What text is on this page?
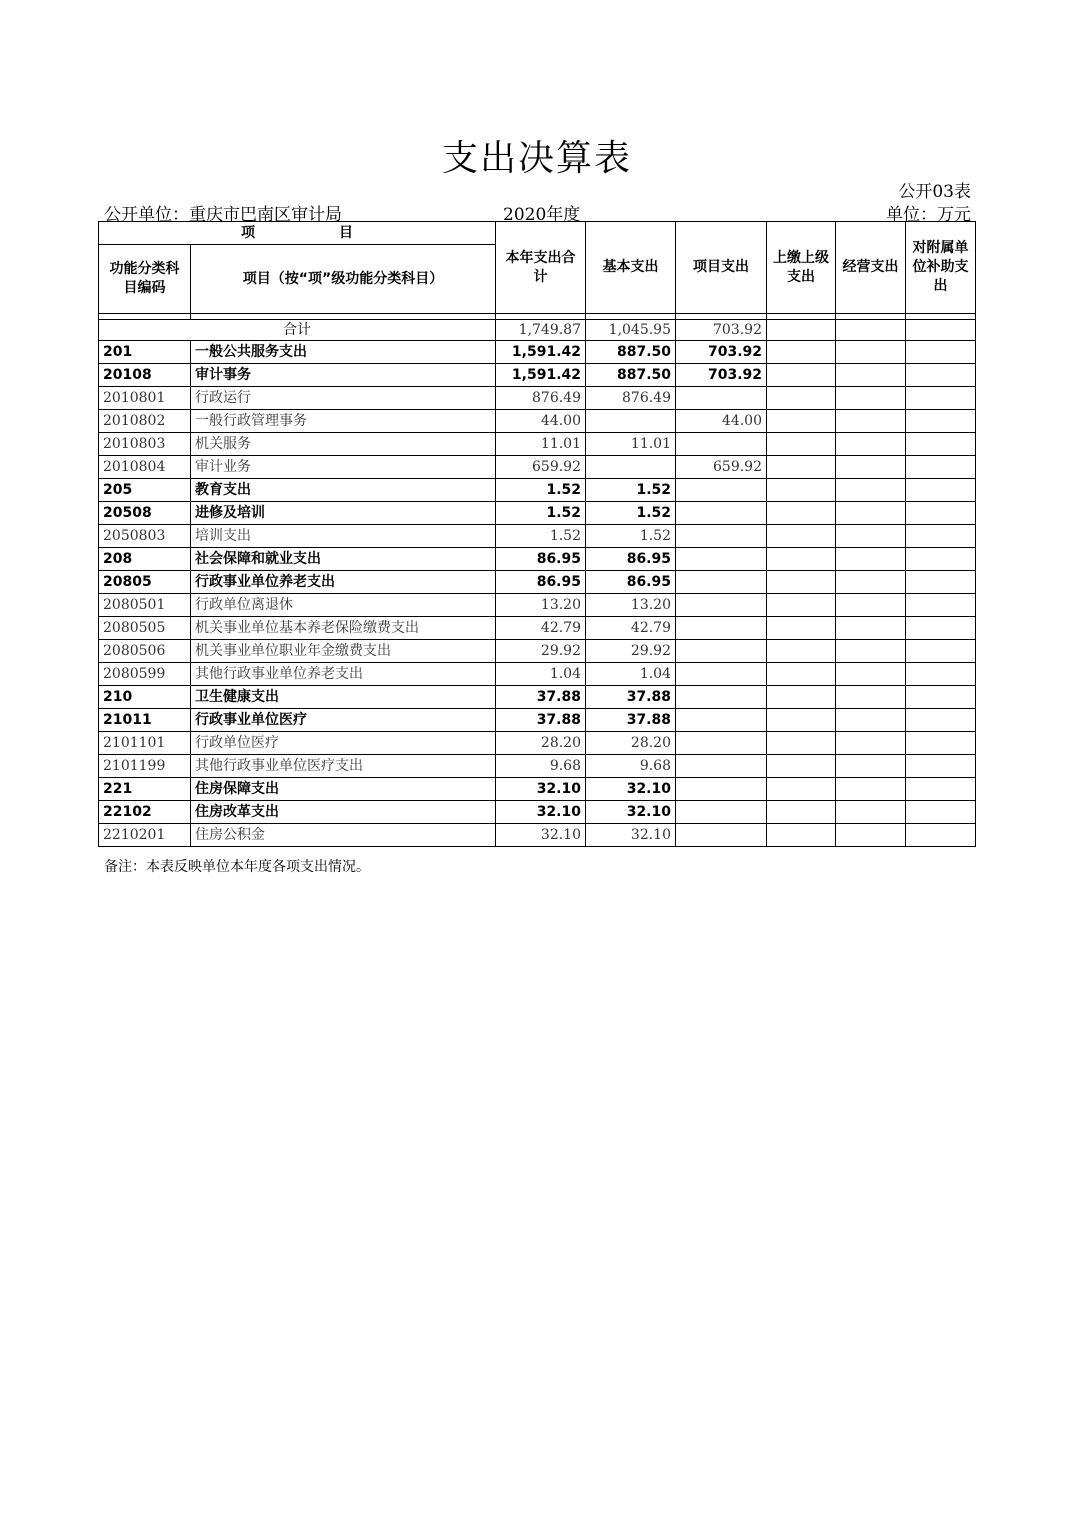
支出决算表
公开03表
公开单位：重庆市巴南区审计局	2020年度	单位：万元
项　　　　　　目		本年支出合计	基本支出	项目支出	上缴上级支出	经营支出	对附属单位补助支出
功能分类科目编码	项目（按“项”级功能分类科目）						

合计		1,749.87	1,045.95	703.92			
201	一般公共服务支出	1,591.42	887.50	703.92			
20108	审计事务	1,591.42	887.50	703.92			
2010801	行政运行	876.49	876.49				
2010802	一般行政管理事务	44.00		44.00			
2010803	机关服务	11.01	11.01				
2010804	审计业务	659.92		659.92			
205	教育支出	1.52	1.52				
20508	进修及培训	1.52	1.52				
2050803	培训支出	1.52	1.52				
208	社会保障和就业支出	86.95	86.95				
20805	行政事业单位养老支出	86.95	86.95				
2080501	行政单位离退休	13.20	13.20				
2080505	机关事业单位基本养老保险缴费支出	42.79	42.79				
2080506	机关事业单位职业年金缴费支出	29.92	29.92				
2080599	其他行政事业单位养老支出	1.04	1.04				
210	卫生健康支出	37.88	37.88				
21011	行政事业单位医疗	37.88	37.88				
2101101	行政单位医疗	28.20	28.20				
2101199	其他行政事业单位医疗支出	9.68	9.68				
221	住房保障支出	32.10	32.10				
22102	住房改革支出	32.10	32.10				
2210201	住房公积金	32.10	32.10				
备注：本表反映单位本年度各项支出情况。
